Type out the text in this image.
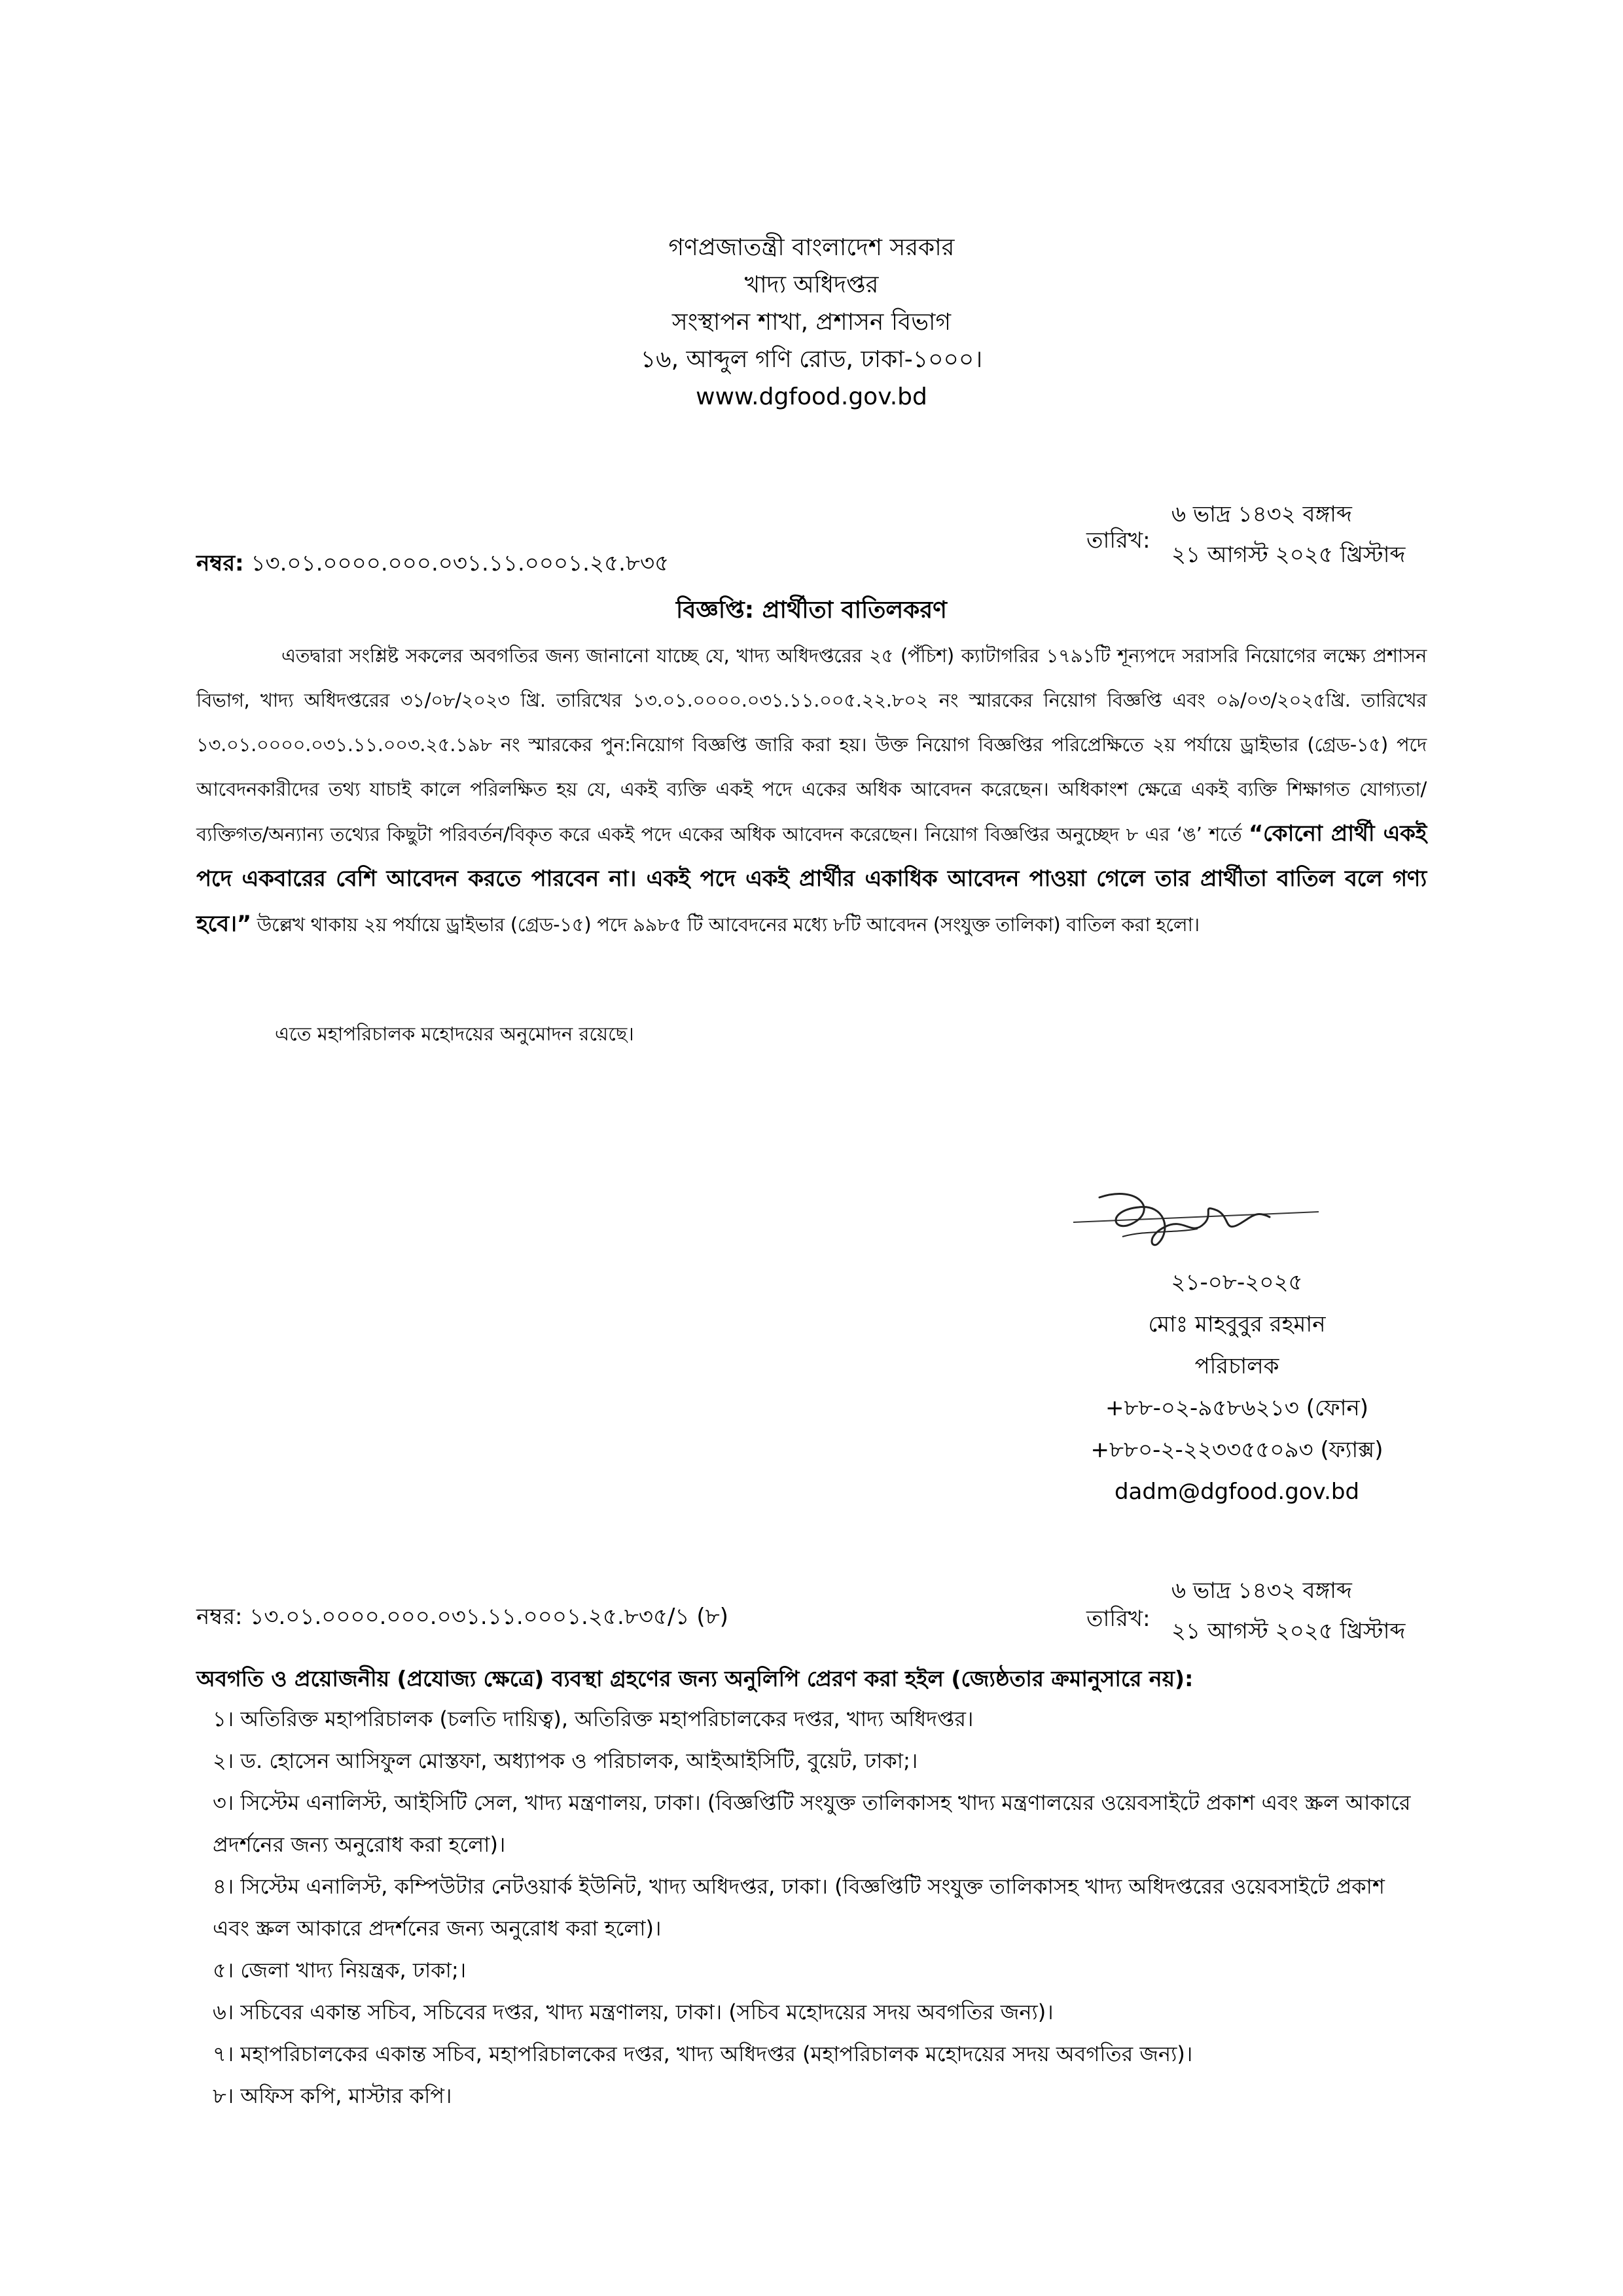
গণপ্রজাতন্ত্রী বাংলাদেশ সরকার
খাদ্য অধিদপ্তর
সংস্থাপন শাখা, প্রশাসন বিভাগ
১৬, আব্দুল গণি রোড, ঢাকা-১০০০।
www.dgfood.gov.bd
নম্বর: ১৩.০১.০০০০.০০০.০৩১.১১.০০০১.২৫.৮৩৫
তারিখ:
৬ ভাদ্র ১৪৩২ বঙ্গাব্দ
২১ আগস্ট ২০২৫ খ্রিস্টাব্দ
বিজ্ঞপ্তি: প্রার্থীতা বাতিলকরণ

এতদ্বারা সংশ্লিষ্ট সকলের অবগতির জন্য জানানো যাচ্ছে যে, খাদ্য অধিদপ্তরের ২৫ (পঁচিশ) ক্যাটাগরির ১৭৯১টি শূন্যপদে সরাসরি নিয়োগের লক্ষ্যে প্রশাসন বিভাগ, খাদ্য অধিদপ্তরের ৩১/০৮/২০২৩ খ্রি. তারিখের ১৩.০১.০০০০.০৩১.১১.০০৫.২২.৮০২ নং স্মারকের নিয়োগ বিজ্ঞপ্তি এবং ০৯/০৩/২০২৫খ্রি. তারিখের ১৩.০১.০০০০.০৩১.১১.০০৩.২৫.১৯৮ নং স্মারকের পুন:নিয়োগ বিজ্ঞপ্তি জারি করা হয়। উক্ত নিয়োগ বিজ্ঞপ্তির পরিপ্রেক্ষিতে ২য় পর্যায়ে ড্রাইভার (গ্রেড-১৫) পদে আবেদনকারীদের তথ্য যাচাই কালে পরিলক্ষিত হয় যে, একই ব্যক্তি একই পদে একের অধিক আবেদন করেছেন। অধিকাংশ ক্ষেত্রে একই ব্যক্তি শিক্ষাগত যোগ্যতা/ব্যক্তিগত/অন্যান্য তথ্যের কিছুটা পরিবর্তন/বিকৃত করে একই পদে একের অধিক আবেদন করেছেন। নিয়োগ বিজ্ঞপ্তির অনুচ্ছেদ ৮ এর ‘ঙ’ শর্তে “কোনো প্রার্থী একই পদে একবারের বেশি আবেদন করতে পারবেন না। একই পদে একই প্রার্থীর একাধিক আবেদন পাওয়া গেলে তার প্রার্থীতা বাতিল বলে গণ্য হবে।” উল্লেখ থাকায় ২য় পর্যায়ে ড্রাইভার (গ্রেড-১৫) পদে ৯৯৮৫ টি আবেদনের মধ্যে ৮টি আবেদন (সংযুক্ত তালিকা) বাতিল করা হলো।

এতে মহাপরিচালক মহোদয়ের অনুমোদন রয়েছে।
২১-০৮-২০২৫
মোঃ মাহবুবুর রহমান
পরিচালক
+৮৮-০২-৯৫৮৬২১৩ (ফোন)
+৮৮০-২-২২৩৩৫৫০৯৩ (ফ্যাক্স)
dadm@dgfood.gov.bd
নম্বর: ১৩.০১.০০০০.০০০.০৩১.১১.০০০১.২৫.৮৩৫/১ (৮)	তারিখ:
৬ ভাদ্র ১৪৩২ বঙ্গাব্দ
২১ আগস্ট ২০২৫ খ্রিস্টাব্দ
অবগতি ও প্রয়োজনীয় (প্রযোজ্য ক্ষেত্রে) ব্যবস্থা গ্রহণের জন্য অনুলিপি প্রেরণ করা হইল (জ্যেষ্ঠতার ক্রমানুসারে নয়):
১। অতিরিক্ত মহাপরিচালক (চলতি দায়িত্ব), অতিরিক্ত মহাপরিচালকের দপ্তর, খাদ্য অধিদপ্তর।
২। ড. হোসেন আসিফুল মোস্তফা, অধ্যাপক ও পরিচালক, আইআইসিটি, বুয়েট, ঢাকা;।
৩। সিস্টেম এনালিস্ট, আইসিটি সেল, খাদ্য মন্ত্রণালয়, ঢাকা। (বিজ্ঞপ্তিটি সংযুক্ত তালিকাসহ খাদ্য মন্ত্রণালয়ের ওয়েবসাইটে প্রকাশ এবং স্ক্রল আকারে প্রদর্শনের জন্য অনুরোধ করা হলো)।
৪। সিস্টেম এনালিস্ট, কম্পিউটার নেটওয়ার্ক ইউনিট, খাদ্য অধিদপ্তর, ঢাকা। (বিজ্ঞপ্তিটি সংযুক্ত তালিকাসহ খাদ্য অধিদপ্তরের ওয়েবসাইটে প্রকাশ এবং স্ক্রল আকারে প্রদর্শনের জন্য অনুরোধ করা হলো)।
৫। জেলা খাদ্য নিয়ন্ত্রক, ঢাকা;।
৬। সচিবের একান্ত সচিব, সচিবের দপ্তর, খাদ্য মন্ত্রণালয়, ঢাকা। (সচিব মহোদয়ের সদয় অবগতির জন্য)।
৭। মহাপরিচালকের একান্ত সচিব, মহাপরিচালকের দপ্তর, খাদ্য অধিদপ্তর (মহাপরিচালক মহোদয়ের সদয় অবগতির জন্য)।
৮। অফিস কপি, মাস্টার কপি।
